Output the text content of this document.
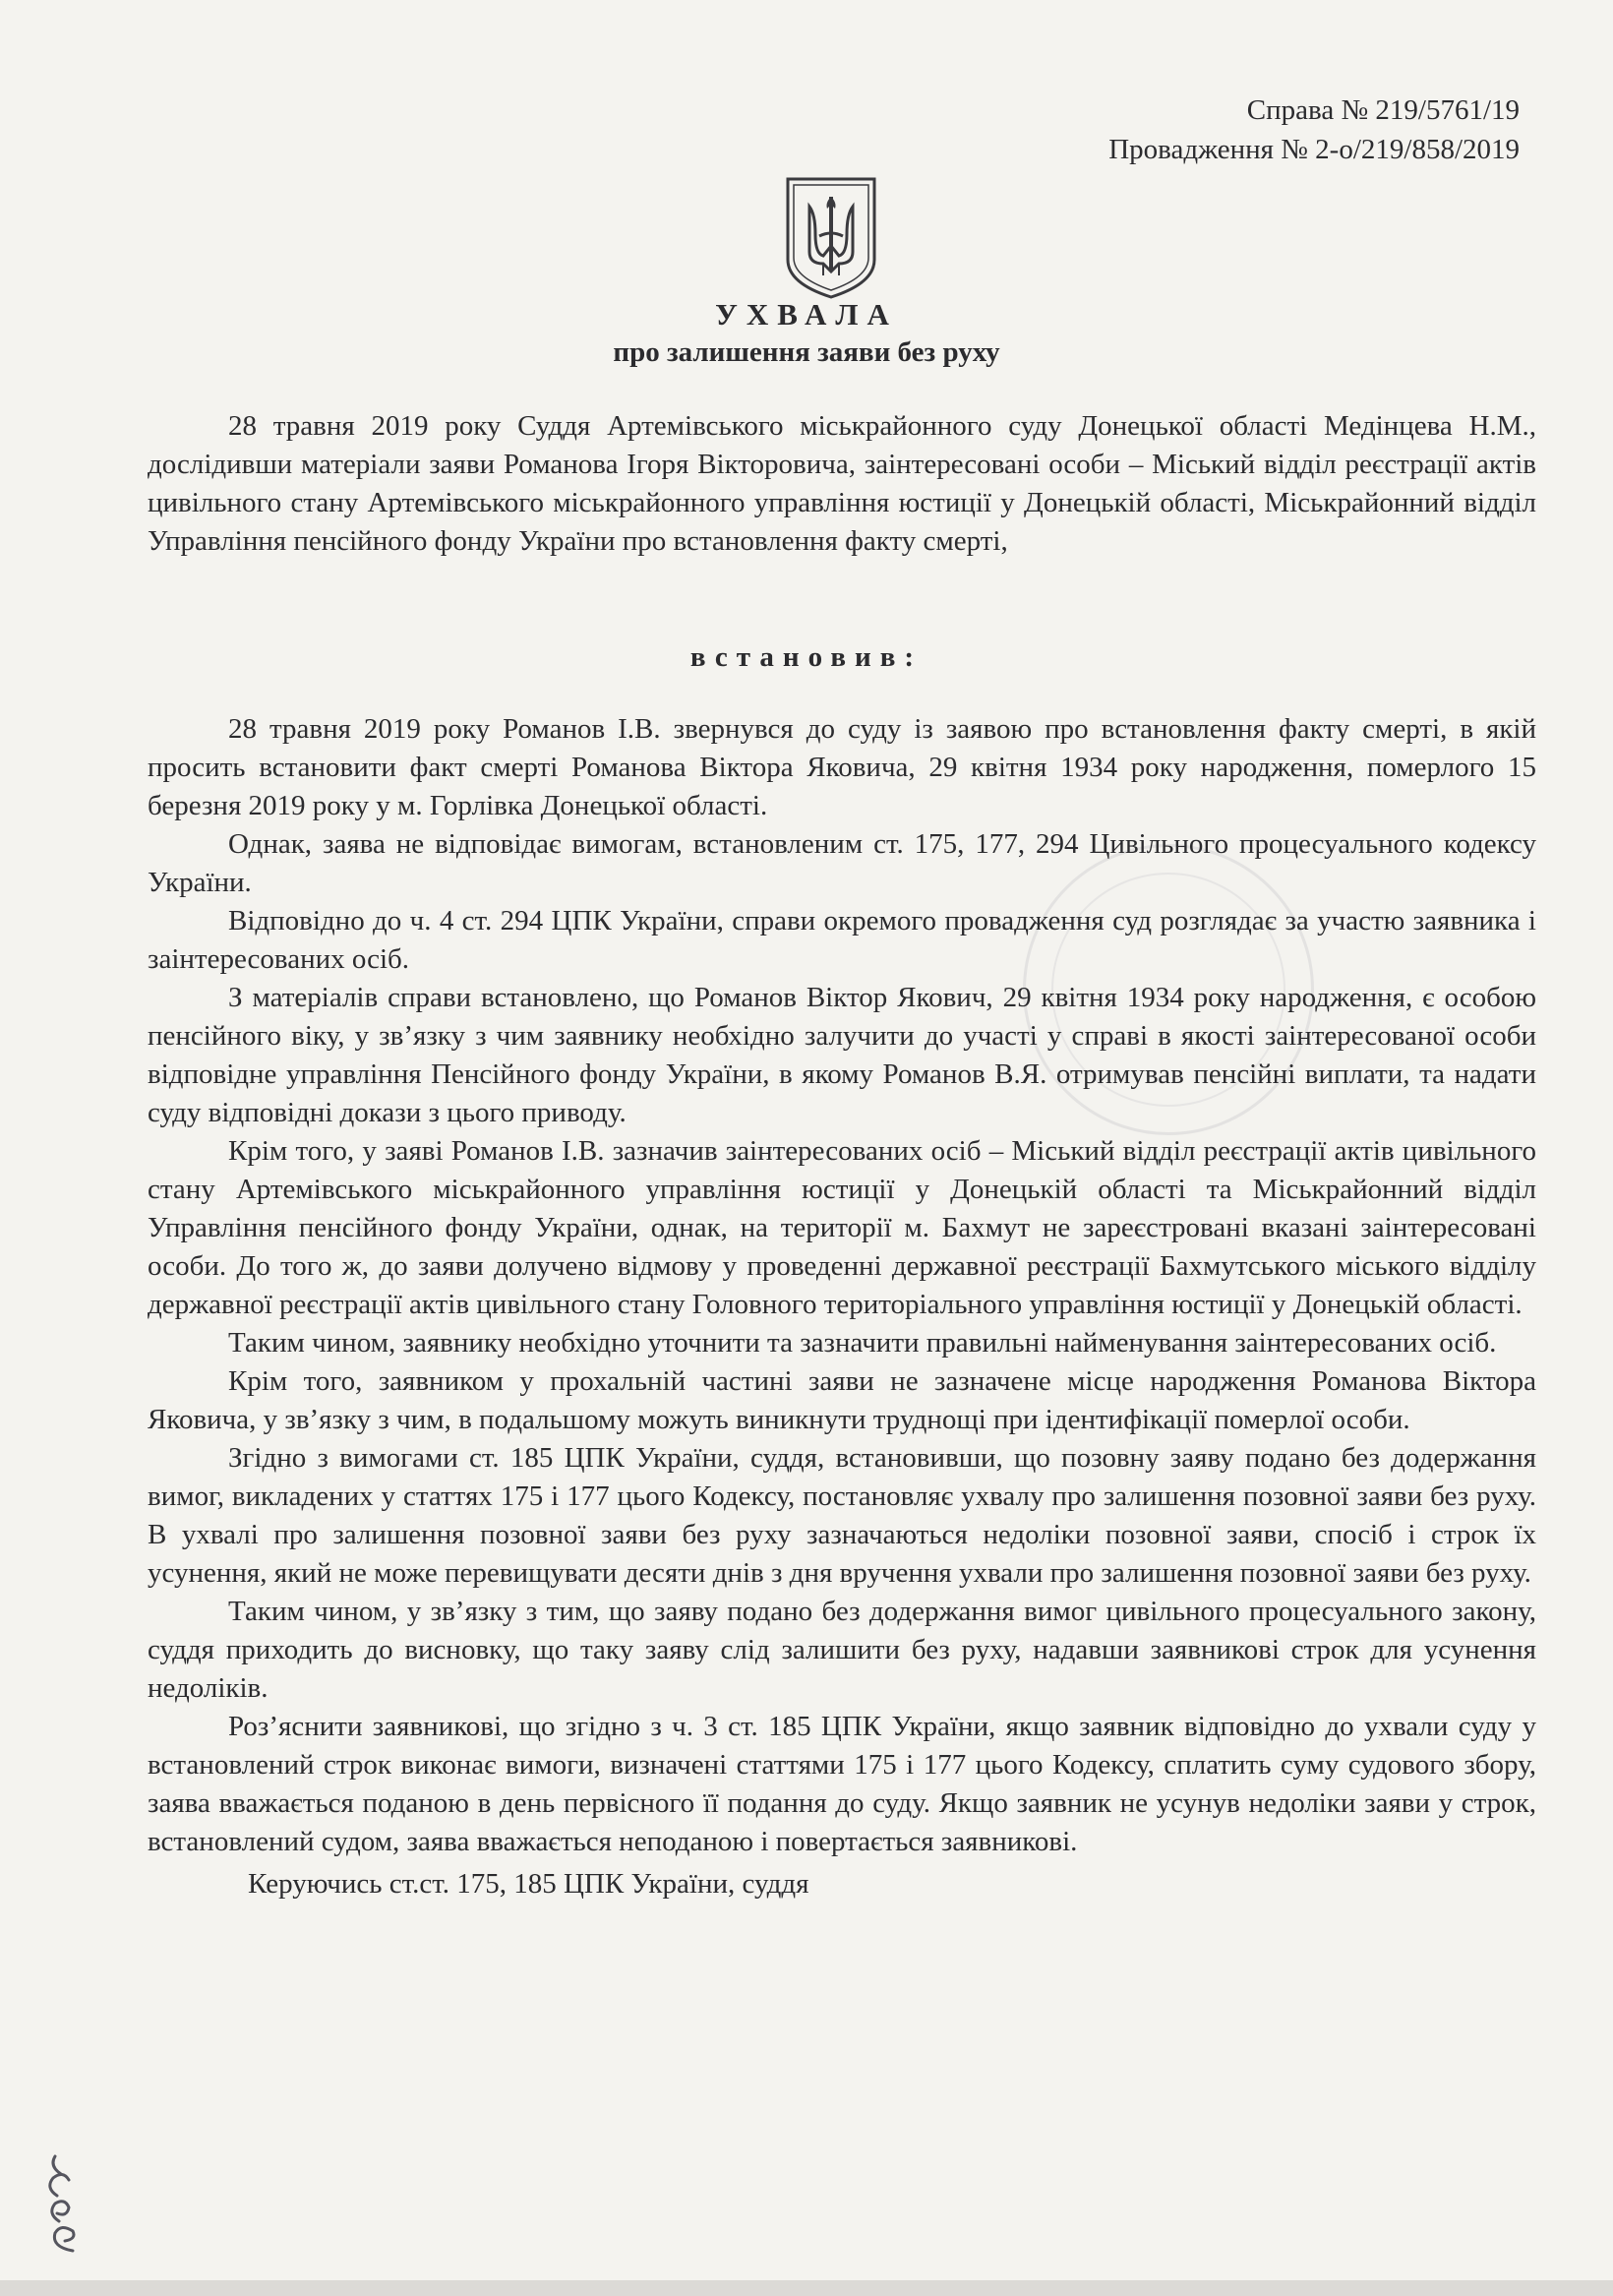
Справа № 219/5761/19
Провадження № 2-о/219/858/2019
УХВАЛА
про залишення заяви без руху

28 травня 2019 року Суддя Артемівського міськрайонного суду Донецької області Медінцева Н.М., дослідивши матеріали заяви Романова Ігоря Вікторовича, заінтересовані особи – Міський відділ реєстрації актів цивільного стану Артемівського міськрайонного управління юстиції у Донецькій області, Міськрайонний відділ Управління пенсійного фонду України про встановлення факту смерті,

встановив:

28 травня 2019 року Романов І.В. звернувся до суду із заявою про встановлення факту смерті, в якій просить встановити факт смерті Романова Віктора Яковича, 29 квітня 1934 року народження, померлого 15 березня 2019 року у м. Горлівка Донецької області.

Однак, заява не відповідає вимогам, встановленим ст. 175, 177, 294 Цивільного процесуального кодексу України.

Відповідно до ч. 4 ст. 294 ЦПК України, справи окремого провадження суд розглядає за участю заявника і заінтересованих осіб.

З матеріалів справи встановлено, що Романов Віктор Якович, 29 квітня 1934 року народження, є особою пенсійного віку, у зв’язку з чим заявнику необхідно залучити до участі у справі в якості заінтересованої особи відповідне управління Пенсійного фонду України, в якому Романов В.Я. отримував пенсійні виплати, та надати суду відповідні докази з цього приводу.

Крім того, у заяві Романов І.В. зазначив заінтересованих осіб – Міський відділ реєстрації актів цивільного стану Артемівського міськрайонного управління юстиції у Донецькій області та Міськрайонний відділ Управління пенсійного фонду України, однак, на території м. Бахмут не зареєстровані вказані заінтересовані особи. До того ж, до заяви долучено відмову у проведенні державної реєстрації Бахмутського міського відділу державної реєстрації актів цивільного стану Головного територіального управління юстиції у Донецькій області.

Таким чином, заявнику необхідно уточнити та зазначити правильні найменування заінтересованих осіб.

Крім того, заявником у прохальній частині заяви не зазначене місце народження Романова Віктора Яковича, у зв’язку з чим, в подальшому можуть виникнути труднощі при ідентифікації померлої особи.

Згідно з вимогами ст. 185 ЦПК України, суддя, встановивши, що позовну заяву подано без додержання вимог, викладених у статтях 175 і 177 цього Кодексу, постановляє ухвалу про залишення позовної заяви без руху. В ухвалі про залишення позовної заяви без руху зазначаються недоліки позовної заяви, спосіб і строк їх усунення, який не може перевищувати десяти днів з дня вручення ухвали про залишення позовної заяви без руху.

Таким чином, у зв’язку з тим, що заяву подано без додержання вимог цивільного процесуального закону, суддя приходить до висновку, що таку заяву слід залишити без руху, надавши заявникові строк для усунення недоліків.

Роз’яснити заявникові, що згідно з ч. 3 ст. 185 ЦПК України, якщо заявник відповідно до ухвали суду у встановлений строк виконає вимоги, визначені статтями 175 і 177 цього Кодексу, сплатить суму судового збору, заява вважається поданою в день первісного її подання до суду. Якщо заявник не усунув недоліки заяви у строк, встановлений судом, заява вважається неподаною і повертається заявникові.

Керуючись ст.ст. 175, 185 ЦПК України, суддя
